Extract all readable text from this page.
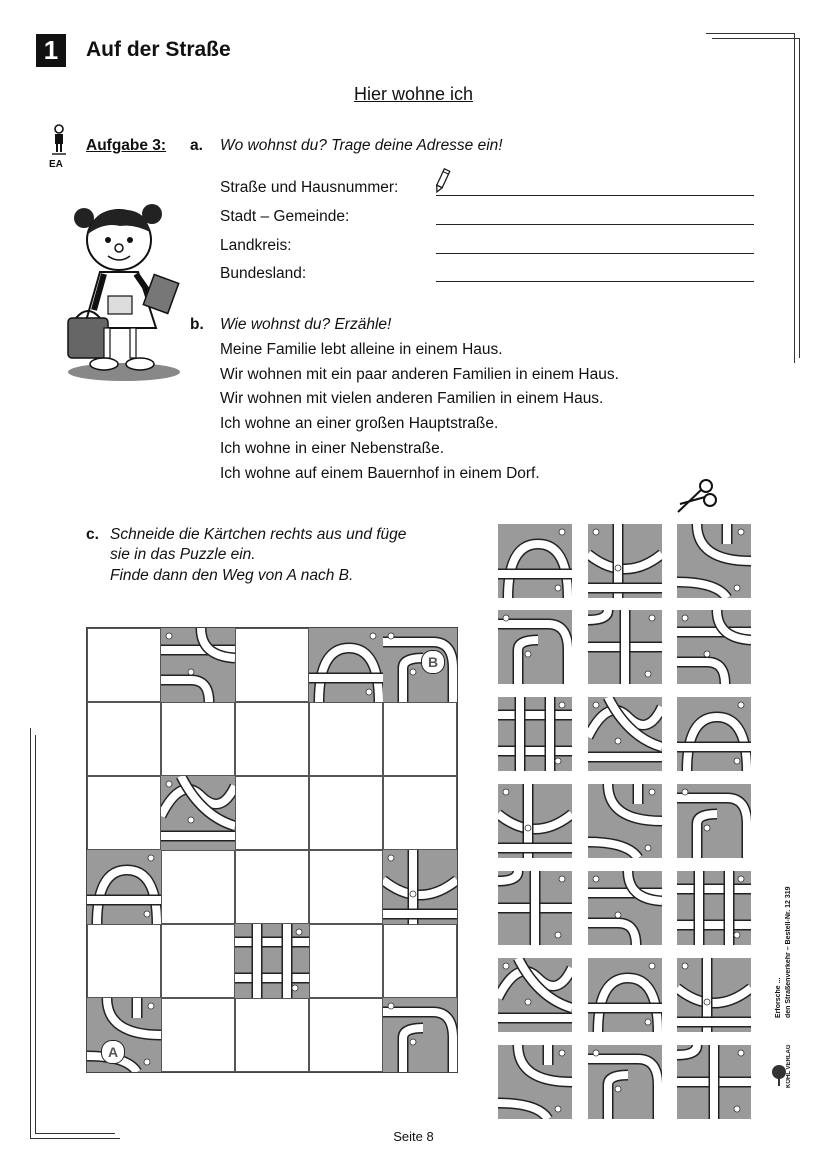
1	Auf der Straße
Hier wohne ich
EA
Aufgabe 3: a. Wo wohnst du? Trage deine Adresse ein!
Straße und Hausnummer:
Stadt – Gemeinde:
Landkreis:
Bundesland:
b. Wie wohnst du? Erzähle!
Meine Familie lebt alleine in einem Haus.
Wir wohnen mit ein paar anderen Familien in einem Haus.
Wir wohnen mit vielen anderen Familien in einem Haus.
Ich wohne an einer großen Hauptstraße.
Ich wohne in einer Nebenstraße.
Ich wohne auf einem Bauernhof in einem Dorf.
c. Schneide die Kärtchen rechts aus und füge
sie in das Puzzle ein.
Finde dann den Weg von A nach B.
B
A
den Straßenverkehr – Bestell-Nr. 12 319
Erforsche ...
KOHL VERLAG
Seite 8
